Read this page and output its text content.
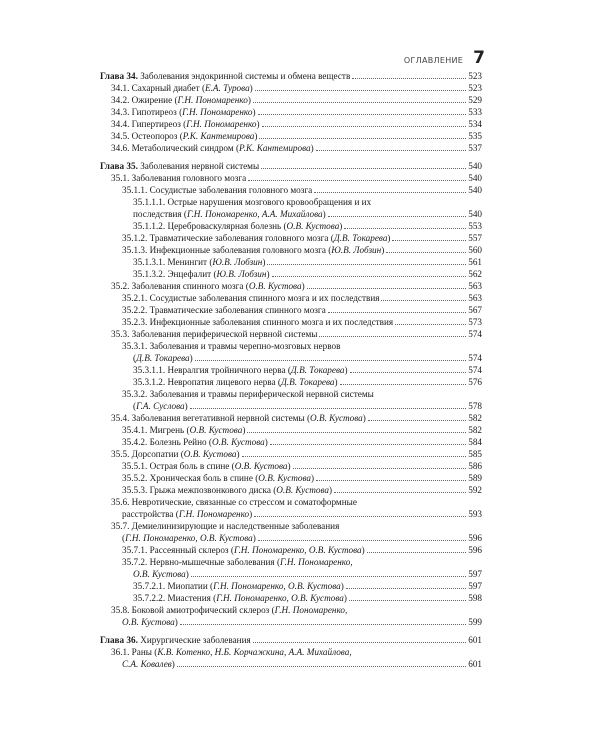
ОГЛАВЛЕНИЕ 7
Глава 34. Заболевания эндокринной системы и обмена веществ	523
34.1. Сахарный диабет (Е.А. Турова)	523
34.2. Ожирение (Г.Н. Пономаренко)	529
34.3. Гипотиреоз (Г.Н. Пономаренко)	533
34.4. Гипертиреоз (Г.Н. Пономаренко)	534
34.5. Остеопороз (Р.К. Кантемирова)	535
34.6. Метаболический синдром (Р.К. Кантемирова)	537
Глава 35. Заболевания нервной системы	540
35.1. Заболевания головного мозга	540
35.1.1. Сосудистые заболевания головного мозга	540
35.1.1.1. Острые нарушения мозгового кровообращения и их
последствия (Г.Н. Пономаренко, А.А. Михайлова)	540
35.1.1.2. Цереброваскулярная болезнь (О.В. Кустова)	553
35.1.2. Травматические заболевания головного мозга (Д.В. Токарева)	557
35.1.3. Инфекционные заболевания головного мозга (Ю.В. Лобзин)	560
35.1.3.1. Менингит (Ю.В. Лобзин)	561
35.1.3.2. Энцефалит (Ю.В. Лобзин)	562
35.2. Заболевания спинного мозга (О.В. Кустова)	563
35.2.1. Сосудистые заболевания спинного мозга и их последствия	563
35.2.2. Травматические заболевания спинного мозга	567
35.2.3. Инфекционные заболевания спинного мозга и их последствия	573
35.3. Заболевания периферической нервной системы	574
35.3.1. Заболевания и травмы черепно-мозговых нервов
(Д.В. Токарева)	574
35.3.1.1. Невралгия тройничного нерва (Д.В. Токарева)	574
35.3.1.2. Невропатия лицевого нерва (Д.В. Токарева)	576
35.3.2. Заболевания и травмы периферической нервной системы
(Г.А. Суслова)	578
35.4. Заболевания вегетативной нервной системы (О.В. Кустова)	582
35.4.1. Мигрень (О.В. Кустова)	582
35.4.2. Болезнь Рейно (О.В. Кустова)	584
35.5. Дорсопатии (О.В. Кустова)	585
35.5.1. Острая боль в спине (О.В. Кустова)	586
35.5.2. Хроническая боль в спине (О.В. Кустова)	589
35.5.3. Грыжа межпозвонкового диска (О.В. Кустова)	592
35.6. Невротические, связанные со стрессом и соматоформные
расстройства (Г.Н. Пономаренко)	593
35.7. Демиелинизирующие и наследственные заболевания
(Г.Н. Пономаренко, О.В. Кустова)	596
35.7.1. Рассеянный склероз (Г.Н. Пономаренко, О.В. Кустова)	596
35.7.2. Нервно-мышечные заболевания (Г.Н. Пономаренко,
О.В. Кустова)	597
35.7.2.1. Миопатии (Г.Н. Пономаренко, О.В. Кустова)	597
35.7.2.2. Миастения (Г.Н. Пономаренко, О.В. Кустова)	598
35.8. Боковой амиотрофический склероз (Г.Н. Пономаренко,
О.В. Кустова)	599
Глава 36. Хирургические заболевания	601
36.1. Раны (К.В. Котенко, Н.Б. Корчажкина, А.А. Михайлова,
С.А. Ковалев)	601
